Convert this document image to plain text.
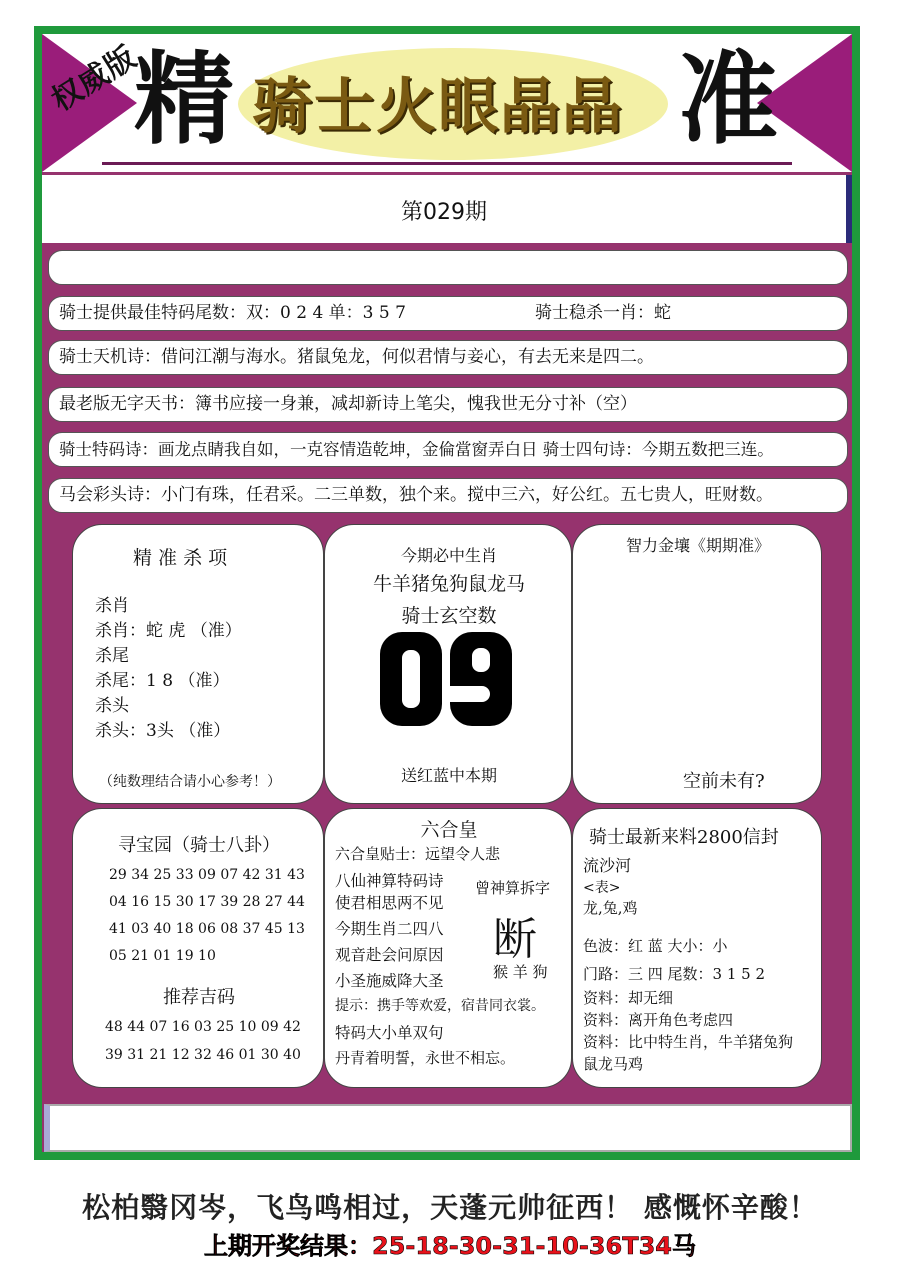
权威版
精 骑士火眼晶晶 准
第029期
骑士提供最佳特码尾数：双：0 2 4 单：3 5 7	骑士稳杀一肖：蛇
骑士天机诗：借问江潮与海水。猪鼠兔龙，何似君情与妾心，有去无来是四二。
最老版无字天书：簿书应接一身兼，减却新诗上笔尖，愧我世无分寸补（空）
骑士特码诗：画龙点睛我自如，一克容情造乾坤，金倫當窗弄白日 骑士四句诗：今期五数把三连。
马会彩头诗：小门有珠，任君采。二三单数，独个来。搅中三六，好公红。五七贵人，旺财数。
精 准 杀 项
杀肖
杀肖：蛇 虎 （准）
杀尾
杀尾：1 8 （准）
杀头
杀头：3头 （准）
（纯数理结合请小心参考！）
今期必中生肖
牛羊猪兔狗鼠龙马
骑士玄空数
送红蓝中本期
智力金壤《期期准》
空前未有?
寻宝园（骑士八卦）
29 34 25 33 09 07 42 31 43
04 16 15 30 17 39 28 27 44
41 03 40 18 06 08 37 45 13
05 21 01 19 10
推荐吉码
48 44 07 16 03 25 10 09 42
39 31 21 12 32 46 01 30 40
六合皇
六合皇贴士：远望令人悲
八仙神算特码诗
使君相思两不见
今期生肖二四八
观音赴会问原因
小圣施威降大圣
提示：携手等欢爱，宿昔同衣裳。
特码大小单双句
丹青着明誓，永世不相忘。
曾神算拆字
断
猴 羊 狗
骑士最新来料2800信封
流沙河
<表>
龙,兔,鸡
色波：红 蓝 大小：小
门路：三 四 尾数：3 1 5 2
资料：却无细
资料：离开角色考虑四
资料：比中特生肖，牛羊猪兔狗
鼠龙马鸡
松柏翳冈岑，飞鸟鸣相过，天蓬元帅征西！ 感慨怀辛酸！
上期开奖结果：25-18-30-31-10-36T34马
